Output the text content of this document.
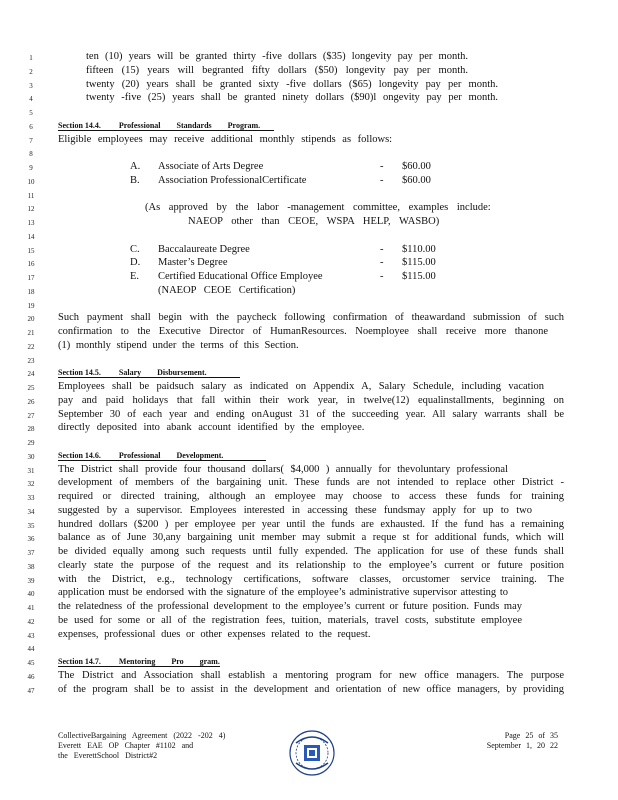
1	ten (10) years will be granted thirty -five dollars ($35) longevity pay per month.
2	fifteen (15) years will begranted fifty dollars ($50) longevity pay per month.
3	twenty (20) years shall be granted sixty -five dollars ($65) longevity pay per month.
4	twenty -five (25) years shall be granted ninety dollars ($90)l ongevity pay per month.
5
6	Section 14.4. Professional Standards Program.
7	Eligible employees may receive additional monthly stipends as follows:
8
9	A. Associate of Arts Degree	- $60.00
10	B. Association ProfessionalCertificate	- $60.00
11
12	(As approved by the labor -management committee, examples include:
13	NAEOP other than CEOE, WSPA HELP, WASBO)
14
15	C. Baccalaureate Degree	- $110.00
16	D. Master’s Degree	- $115.00
17	E. Certified Educational Office Employee	- $115.00
18	(NAEOP CEOE Certification)
19
20	Such payment shall begin with the paycheck following confirmation of theawardand submission of such
21	confirmation to the Executive Director of HumanResources. Noemployee shall receive more thanone
22	(1) monthly stipend under the terms of this Section.
23
24	Section 14.5. Salary Disbursement.
25	Employees shall be paidsuch salary as indicated on Appendix A, Salary Schedule, including vacation
26	pay and paid holidays that fall within their work year, in twelve(12) equalinstallments, beginning on
27	September 30 of each year and ending onAugust 31 of the succeeding year. All salary warrants shall be
28	directly deposited into abank account identified by the employee.
29
30	Section 14.6. Professional Development.
31	The District shall provide four thousand dollars( $4,000 ) annually for thevoluntary professional
32	development of members of the bargaining unit. These funds are not intended to replace other District -
33	required or directed training, although an employee may choose to access these funds for training
34	suggested by a supervisor. Employees interested in accessing these fundsmay apply for up to two
35	hundred dollars ($200 ) per employee per year until the funds are exhausted. If the fund has a remaining
36	balance as of June 30,any bargaining unit member may submit a reque st for additional funds, which will
37	be divided equally among such requests until fully expended. The application for use of these funds shall
38	clearly state the purpose of the request and its relationship to the employee’s current or future position
39	with the District, e.g., technology certifications, software classes, orcustomer service training. The
40	application must be endorsed with the signature of the employee’s administrative supervisor attesting to
41	the relatedness of the professional development to the employee’s current or future position. Funds may
42	be used for some or all of the registration fees, tuition, materials, travel costs, substitute employee
43	expenses, professional dues or other expenses related to the request.
44
45	Section 14.7. Mentoring Pro gram.
46	The District and Association shall establish a mentoring program for new office managers. The purpose
47	of the program shall be to assist in the development and orientation of new office managers, by providing
CollectiveBargaining Agreement (2022 -202 4)
Everett EAE OP Chapter #1102 and
the EverettSchool District#2
Page 25 of 35
September 1, 20 22
